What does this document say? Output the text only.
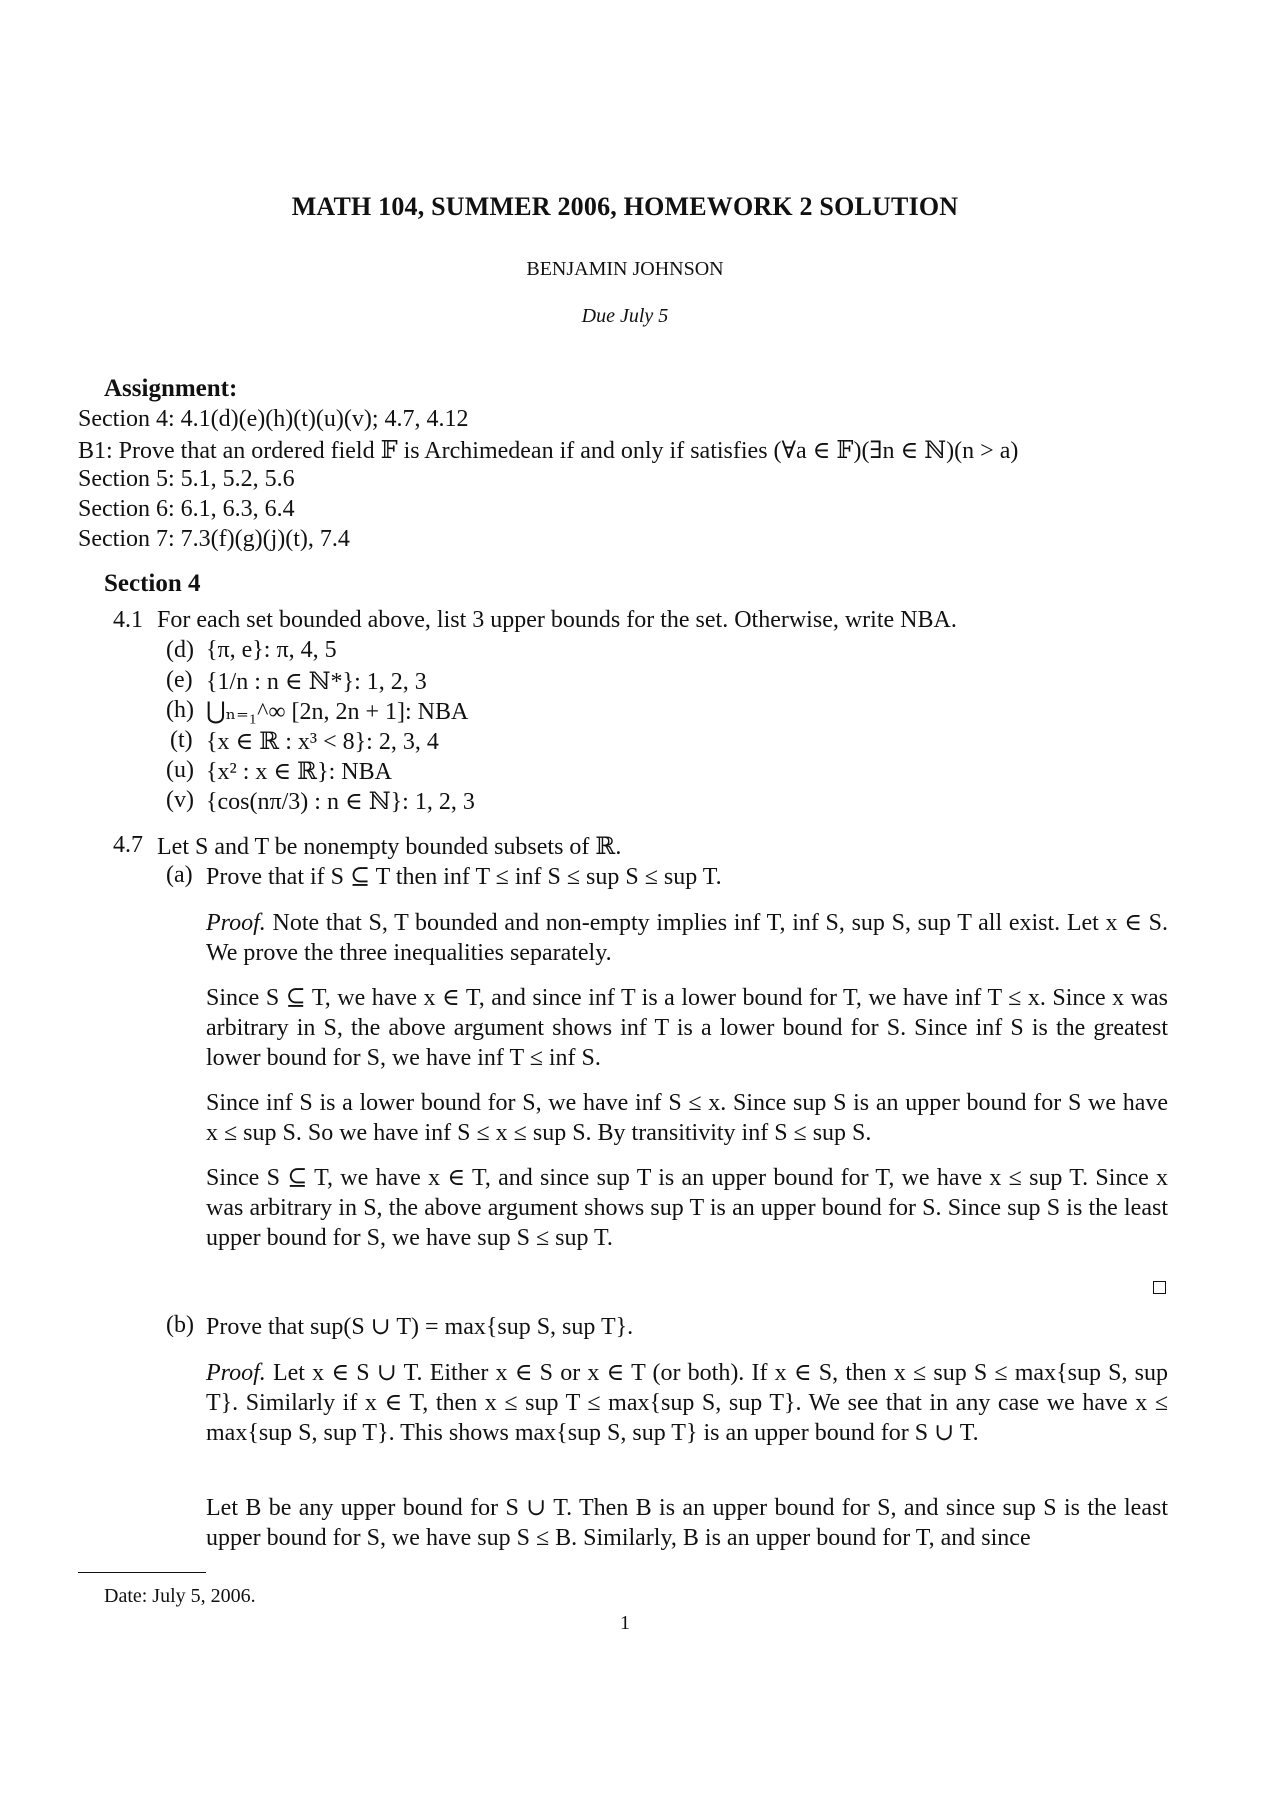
MATH 104, SUMMER 2006, HOMEWORK 2 SOLUTION
BENJAMIN JOHNSON
Due July 5
Assignment:
Section 4: 4.1(d)(e)(h)(t)(u)(v); 4.7, 4.12
B1: Prove that an ordered field 𝔽 is Archimedean if and only if satisfies (∀a ∈ 𝔽)(∃n ∈ ℕ)(n > a)
Section 5: 5.1, 5.2, 5.6
Section 6: 6.1, 6.3, 6.4
Section 7: 7.3(f)(g)(j)(t), 7.4
Section 4
4.1 For each set bounded above, list 3 upper bounds for the set. Otherwise, write NBA.
(d) {π, e}: π, 4, 5
(e) {1/n : n ∈ ℕ*}: 1, 2, 3
(h) ⋃ₙ₌₁^∞ [2n, 2n + 1]: NBA
(t) {x ∈ ℝ : x³ < 8}: 2, 3, 4
(u) {x² : x ∈ ℝ}: NBA
(v) {cos(nπ/3) : n ∈ ℕ}: 1, 2, 3
4.7 Let S and T be nonempty bounded subsets of ℝ.
(a) Prove that if S ⊆ T then inf T ≤ inf S ≤ sup S ≤ sup T.

Proof. Note that S, T bounded and non-empty implies inf T, inf S, sup S, sup T all exist. Let x ∈ S. We prove the three inequalities separately.

Since S ⊆ T, we have x ∈ T, and since inf T is a lower bound for T, we have inf T ≤ x. Since x was arbitrary in S, the above argument shows inf T is a lower bound for S. Since inf S is the greatest lower bound for S, we have inf T ≤ inf S.
Since inf S is a lower bound for S, we have inf S ≤ x. Since sup S is an upper bound for S we have x ≤ sup S. So we have inf S ≤ x ≤ sup S. By transitivity inf S ≤ sup S.
Since S ⊆ T, we have x ∈ T, and since sup T is an upper bound for T, we have x ≤ sup T. Since x was arbitrary in S, the above argument shows sup T is an upper bound for S. Since sup S is the least upper bound for S, we have sup S ≤ sup T.
(b) Prove that sup(S ∪ T) = max{sup S, sup T}.

Proof. Let x ∈ S ∪ T. Either x ∈ S or x ∈ T (or both). If x ∈ S, then x ≤ sup S ≤ max{sup S, sup T}. Similarly if x ∈ T, then x ≤ sup T ≤ max{sup S, sup T}. We see that in any case we have x ≤ max{sup S, sup T}. This shows max{sup S, sup T} is an upper bound for S ∪ T.

Let B be any upper bound for S ∪ T. Then B is an upper bound for S, and since sup S is the least upper bound for S, we have sup S ≤ B. Similarly, B is an upper bound for T, and since
Date: July 5, 2006.
1
